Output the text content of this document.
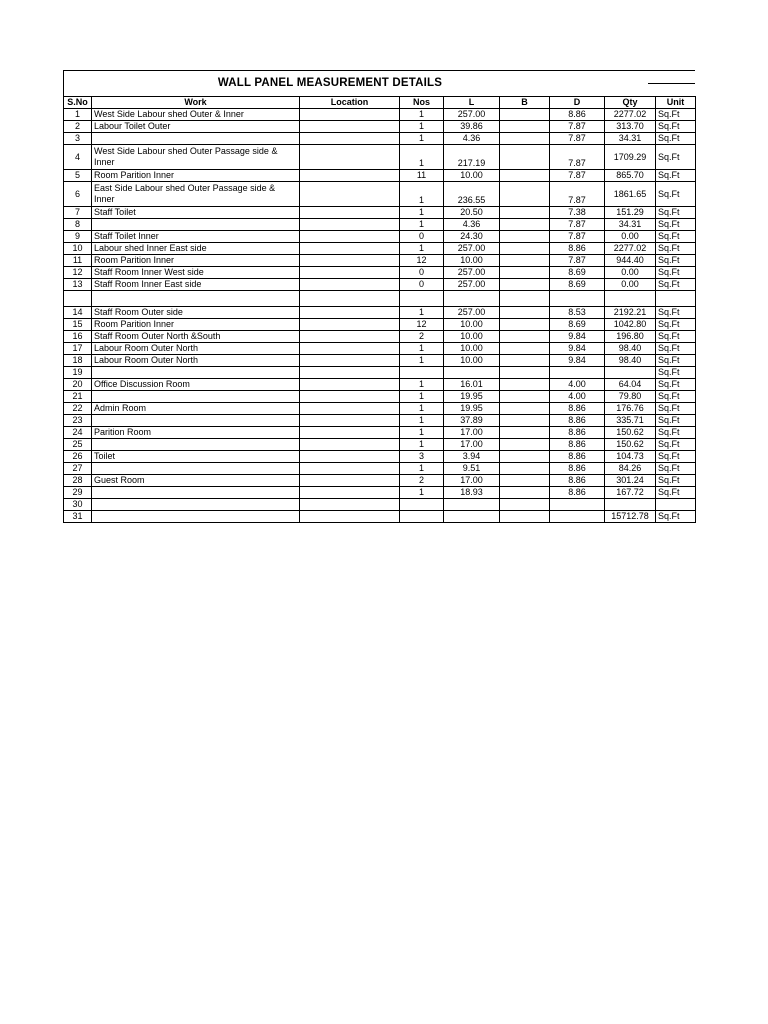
WALL PANEL MEASUREMENT DETAILS
S.No	Work	Location	Nos	L	B	D	Qty	Unit
1	West Side Labour shed Outer & Inner		1	257.00		8.86	2277.02	Sq.Ft
2	Labour Toilet Outer		1	39.86		7.87	313.70	Sq.Ft
3			1	4.36		7.87	34.31	Sq.Ft
4	West Side Labour shed Outer Passage side & Inner		1	217.19		7.87	1709.29	Sq.Ft
5	Room Parition Inner		11	10.00		7.87	865.70	Sq.Ft
6	East Side Labour shed Outer Passage side & Inner		1	236.55		7.87	1861.65	Sq.Ft
7	Staff Toilet		1	20.50		7.38	151.29	Sq.Ft
8			1	4.36		7.87	34.31	Sq.Ft
9	Staff Toilet Inner		0	24.30		7.87	0.00	Sq.Ft
10	Labour shed Inner East side		1	257.00		8.86	2277.02	Sq.Ft
11	Room Parition Inner		12	10.00		7.87	944.40	Sq.Ft
12	Staff Room Inner West side		0	257.00		8.69	0.00	Sq.Ft
13	Staff Room Inner East side		0	257.00		8.69	0.00	Sq.Ft

14	Staff Room Outer side		1	257.00		8.53	2192.21	Sq.Ft
15	Room Parition Inner		12	10.00		8.69	1042.80	Sq.Ft
16	Staff Room Outer North &South		2	10.00		9.84	196.80	Sq.Ft
17	Labour Room Outer North		1	10.00		9.84	98.40	Sq.Ft
18	Labour Room Outer North		1	10.00		9.84	98.40	Sq.Ft
19								Sq.Ft
20	Office Discussion Room		1	16.01		4.00	64.04	Sq.Ft
21			1	19.95		4.00	79.80	Sq.Ft
22	Admin Room		1	19.95		8.86	176.76	Sq.Ft
23			1	37.89		8.86	335.71	Sq.Ft
24	Parition Room		1	17.00		8.86	150.62	Sq.Ft
25			1	17.00		8.86	150.62	Sq.Ft
26	Toilet		3	3.94		8.86	104.73	Sq.Ft
27			1	9.51		8.86	84.26	Sq.Ft
28	Guest Room		2	17.00		8.86	301.24	Sq.Ft
29			1	18.93		8.86	167.72	Sq.Ft
30								
31							15712.78	Sq.Ft
